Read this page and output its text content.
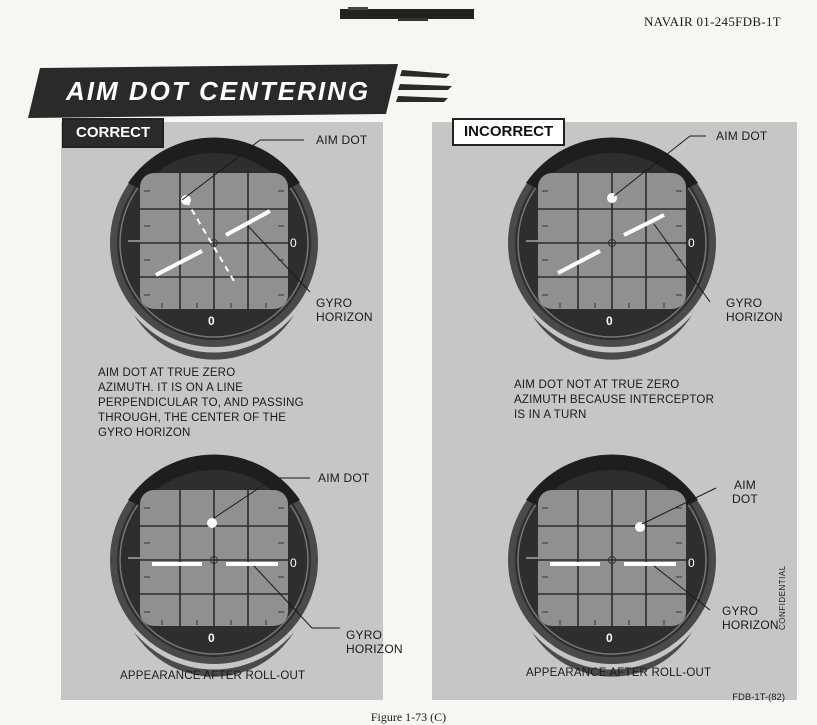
NAVAIR 01-245FDB-1T
AIM DOT CENTERING
CORRECT	INCORRECT
0
0
0
0
0
0
0
0
AIM DOT
GYRO
HORIZON
AIM DOT AT TRUE ZERO
AZIMUTH. IT IS ON A LINE
PERPENDICULAR TO, AND PASSING
THROUGH, THE CENTER OF THE
GYRO HORIZON
AIM DOT
GYRO
HORIZON
AIM DOT NOT AT TRUE ZERO
AZIMUTH BECAUSE INTERCEPTOR
IS IN A TURN
AIM DOT
GYRO
HORIZON
APPEARANCE AFTER ROLL-OUT
AIM
DOT
GYRO
HORIZON
APPEARANCE AFTER ROLL-OUT
CONFIDENTIAL
FDB-1T-(82)
Figure 1-73 (C)
